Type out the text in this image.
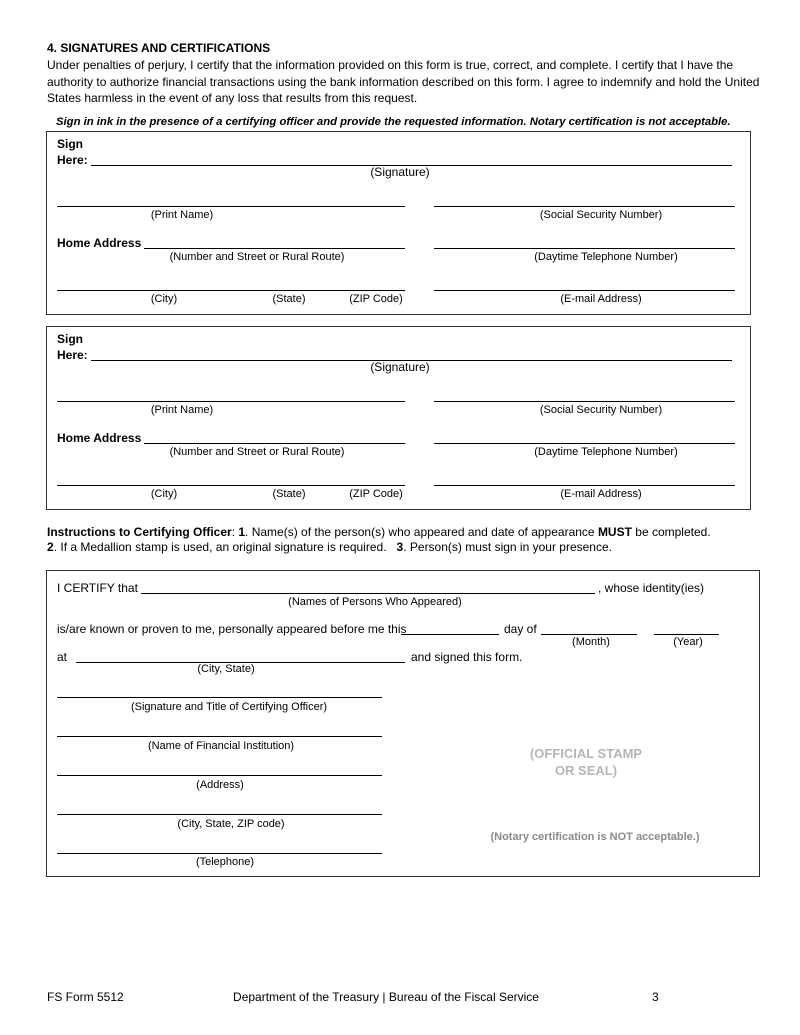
4. SIGNATURES AND CERTIFICATIONS
Under penalties of perjury, I certify that the information provided on this form is true, correct, and complete. I certify that I have the authority to authorize financial transactions using the bank information described on this form. I agree to indemnify and hold the United States harmless in the event of any loss that results from this request.
Sign in ink in the presence of a certifying officer and provide the requested information. Notary certification is not acceptable.
Sign
Here:
(Signature)
(Print Name)	(Social Security Number)
Home Address
(Number and Street or Rural Route)	(Daytime Telephone Number)
(City)	(State)	(ZIP Code)	(E-mail Address)
Sign
Here:
(Signature)
(Print Name)	(Social Security Number)
Home Address
(Number and Street or Rural Route)	(Daytime Telephone Number)
(City)	(State)	(ZIP Code)	(E-mail Address)
Instructions to Certifying Officer: 1. Name(s) of the person(s) who appeared and date of appearance MUST be completed.
2. If a Medallion stamp is used, an original signature is required.   3. Person(s) must sign in your presence.
I CERTIFY that	, whose identity(ies)
(Names of Persons Who Appeared)
is/are known or proven to me, personally appeared before me this	day of
(Month)	(Year)
at	and signed this form.
(City, State)
(Signature and Title of Certifying Officer)
(Name of Financial Institution)
(Address)
(City, State, ZIP code)
(Telephone)
(OFFICIAL STAMP
OR SEAL)
(Notary certification is NOT acceptable.)
FS Form 5512	Department of the Treasury | Bureau of the Fiscal Service	3
